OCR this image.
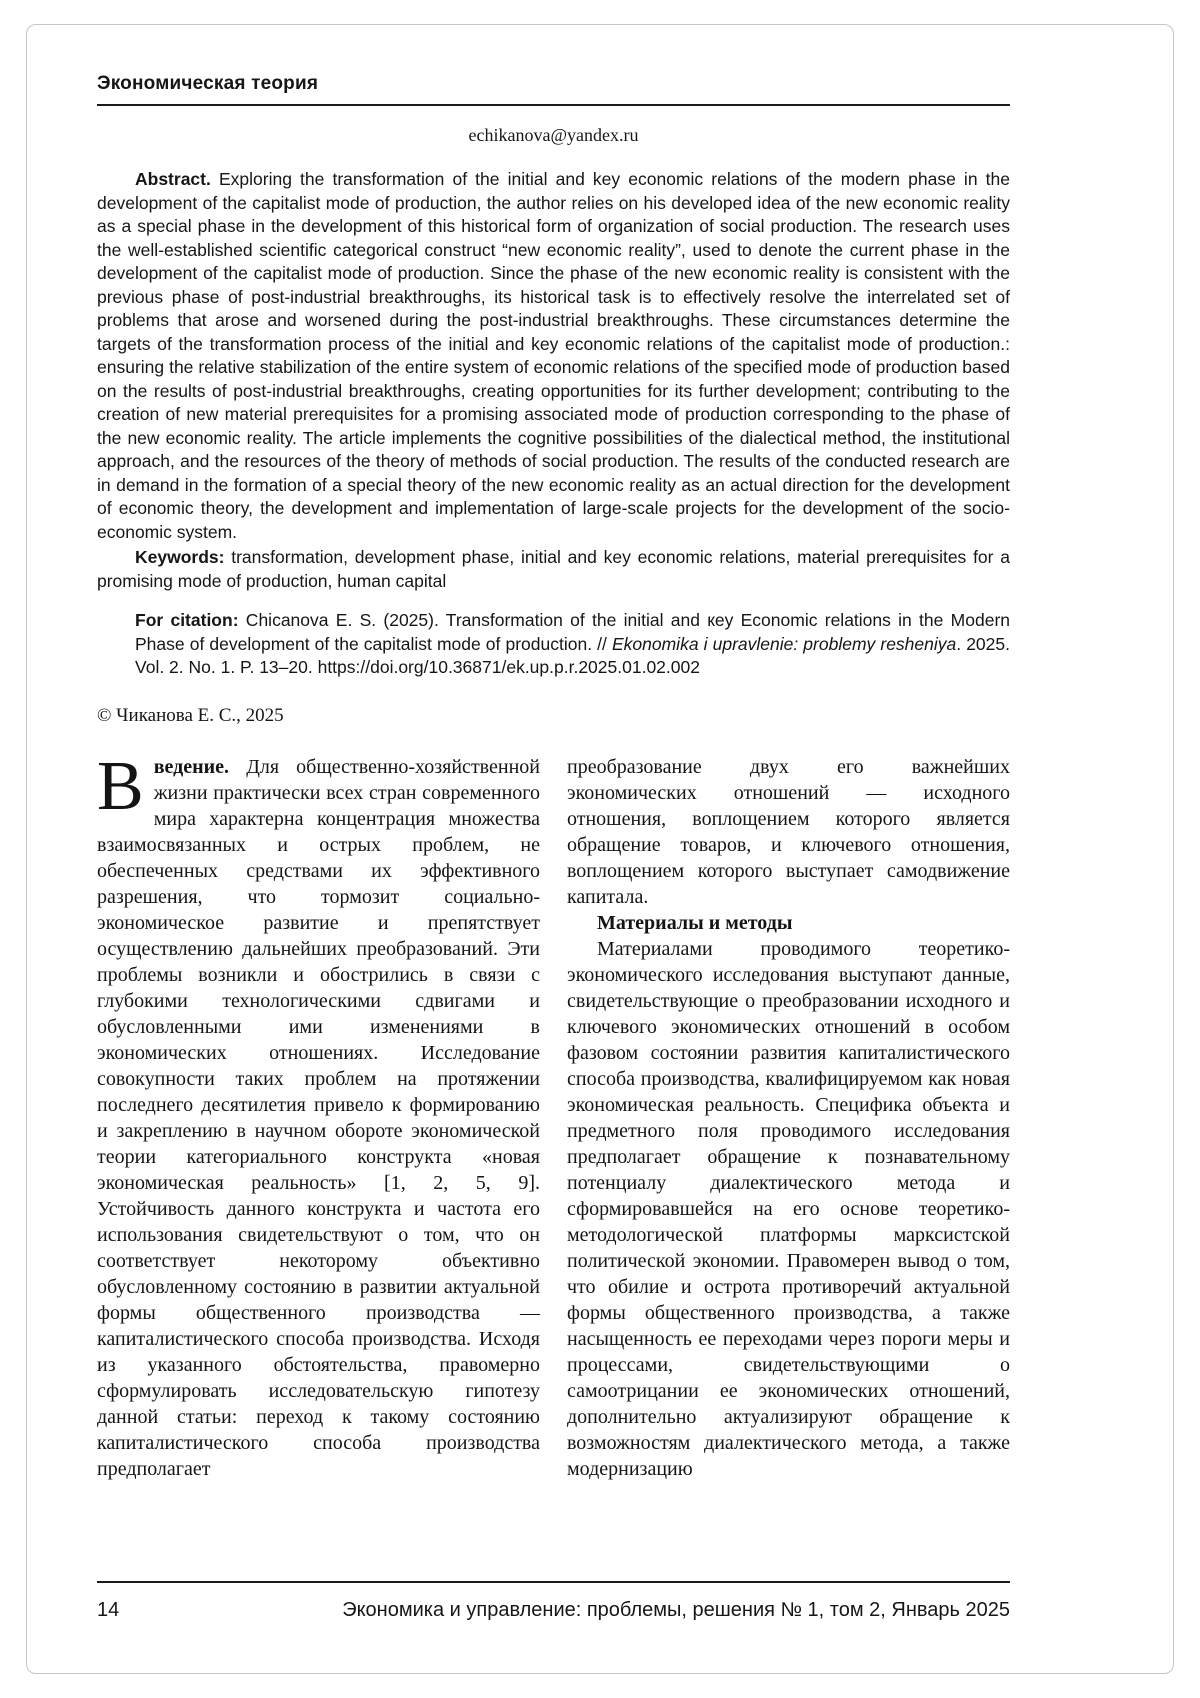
Экономическая теория
echikanova@yandex.ru

Abstract. Exploring the transformation of the initial and key economic relations of the modern phase in the development of the capitalist mode of production, the author relies on his developed idea of the new economic reality as a special phase in the development of this historical form of organization of social production. The research uses the well-established scientific categorical construct “new economic reality”, used to denote the current phase in the development of the capitalist mode of production. Since the phase of the new economic reality is consistent with the previous phase of post-industrial breakthroughs, its historical task is to effectively resolve the interrelated set of problems that arose and worsened during the post-industrial breakthroughs. These circumstances determine the targets of the transformation process of the initial and key economic relations of the capitalist mode of production.: ensuring the relative stabilization of the entire system of economic relations of the specified mode of production based on the results of post-industrial breakthroughs, creating opportunities for its further development; contributing to the creation of new material prerequisites for a promising associated mode of production corresponding to the phase of the new economic reality. The article implements the cognitive possibilities of the dialectical method, the institutional approach, and the resources of the theory of methods of social production. The results of the conducted research are in demand in the formation of a special theory of the new economic reality as an actual direction for the development of economic theory, the development and implementation of large-scale projects for the development of the socio-economic system.

Keywords: transformation, development phase, initial and key economic relations, material prerequisites for a promising mode of production, human capital

For citation: Chicanova E. S. (2025). Transformation of the initial and кey Economic relations in the Modern Phase of development of the capitalist mode of production. // Ekonomika i upravlenie: problemy resheniya. 2025. Vol. 2. No. 1. P. 13–20. https://doi.org/10.36871/ek.up.p.r.2025.01.02.002
© Чиканова Е. С., 2025

Введение. Для общественно-хозяйственной жизни практически всех стран современного мира характерна концентрация множества взаимосвязанных и острых проблем, не обеспеченных средствами их эффективного разрешения, что тормозит социально-экономическое развитие и препятствует осуществлению дальнейших преобразований. Эти проблемы возникли и обострились в связи с глубокими технологическими сдвигами и обусловленными ими изменениями в экономических отношениях. Исследование совокупности таких проблем на протяжении последнего десятилетия привело к формированию и закреплению в научном обороте экономической теории категориального конструкта «новая экономическая реальность» [1, 2, 5, 9]. Устойчивость данного конструкта и частота его использования свидетельствуют о том, что он соответствует некоторому объективно обусловленному состоянию в развитии актуальной формы общественного производства — капиталистического способа производства. Исходя из указанного обстоятельства, правомерно сформулировать исследовательскую гипотезу данной статьи: переход к такому состоянию капиталистического способа производства предполагает

преобразование двух его важнейших экономических отношений — исходного отношения, воплощением которого является обращение товаров, и ключевого отношения, воплощением которого выступает самодвижение капитала.

Материалы и методы

Материалами проводимого теоретико-экономического исследования выступают данные, свидетельствующие о преобразовании исходного и ключевого экономических отношений в особом фазовом состоянии развития капиталистического способа производства, квалифицируемом как новая экономическая реальность. Специфика объекта и предметного поля проводимого исследования предполагает обращение к познавательному потенциалу диалектического метода и сформировавшейся на его основе теоретико-методологической платформы марксистской политической экономии. Правомерен вывод о том, что обилие и острота противоречий актуальной формы общественного производства, а также насыщенность ее переходами через пороги меры и процессами, свидетельствующими о самоотрицании ее экономических отношений, дополнительно актуализируют обращение к возможностям диалектического метода, а также модернизацию

14	Экономика и управление: проблемы, решения № 1, том 2, Январь 2025
